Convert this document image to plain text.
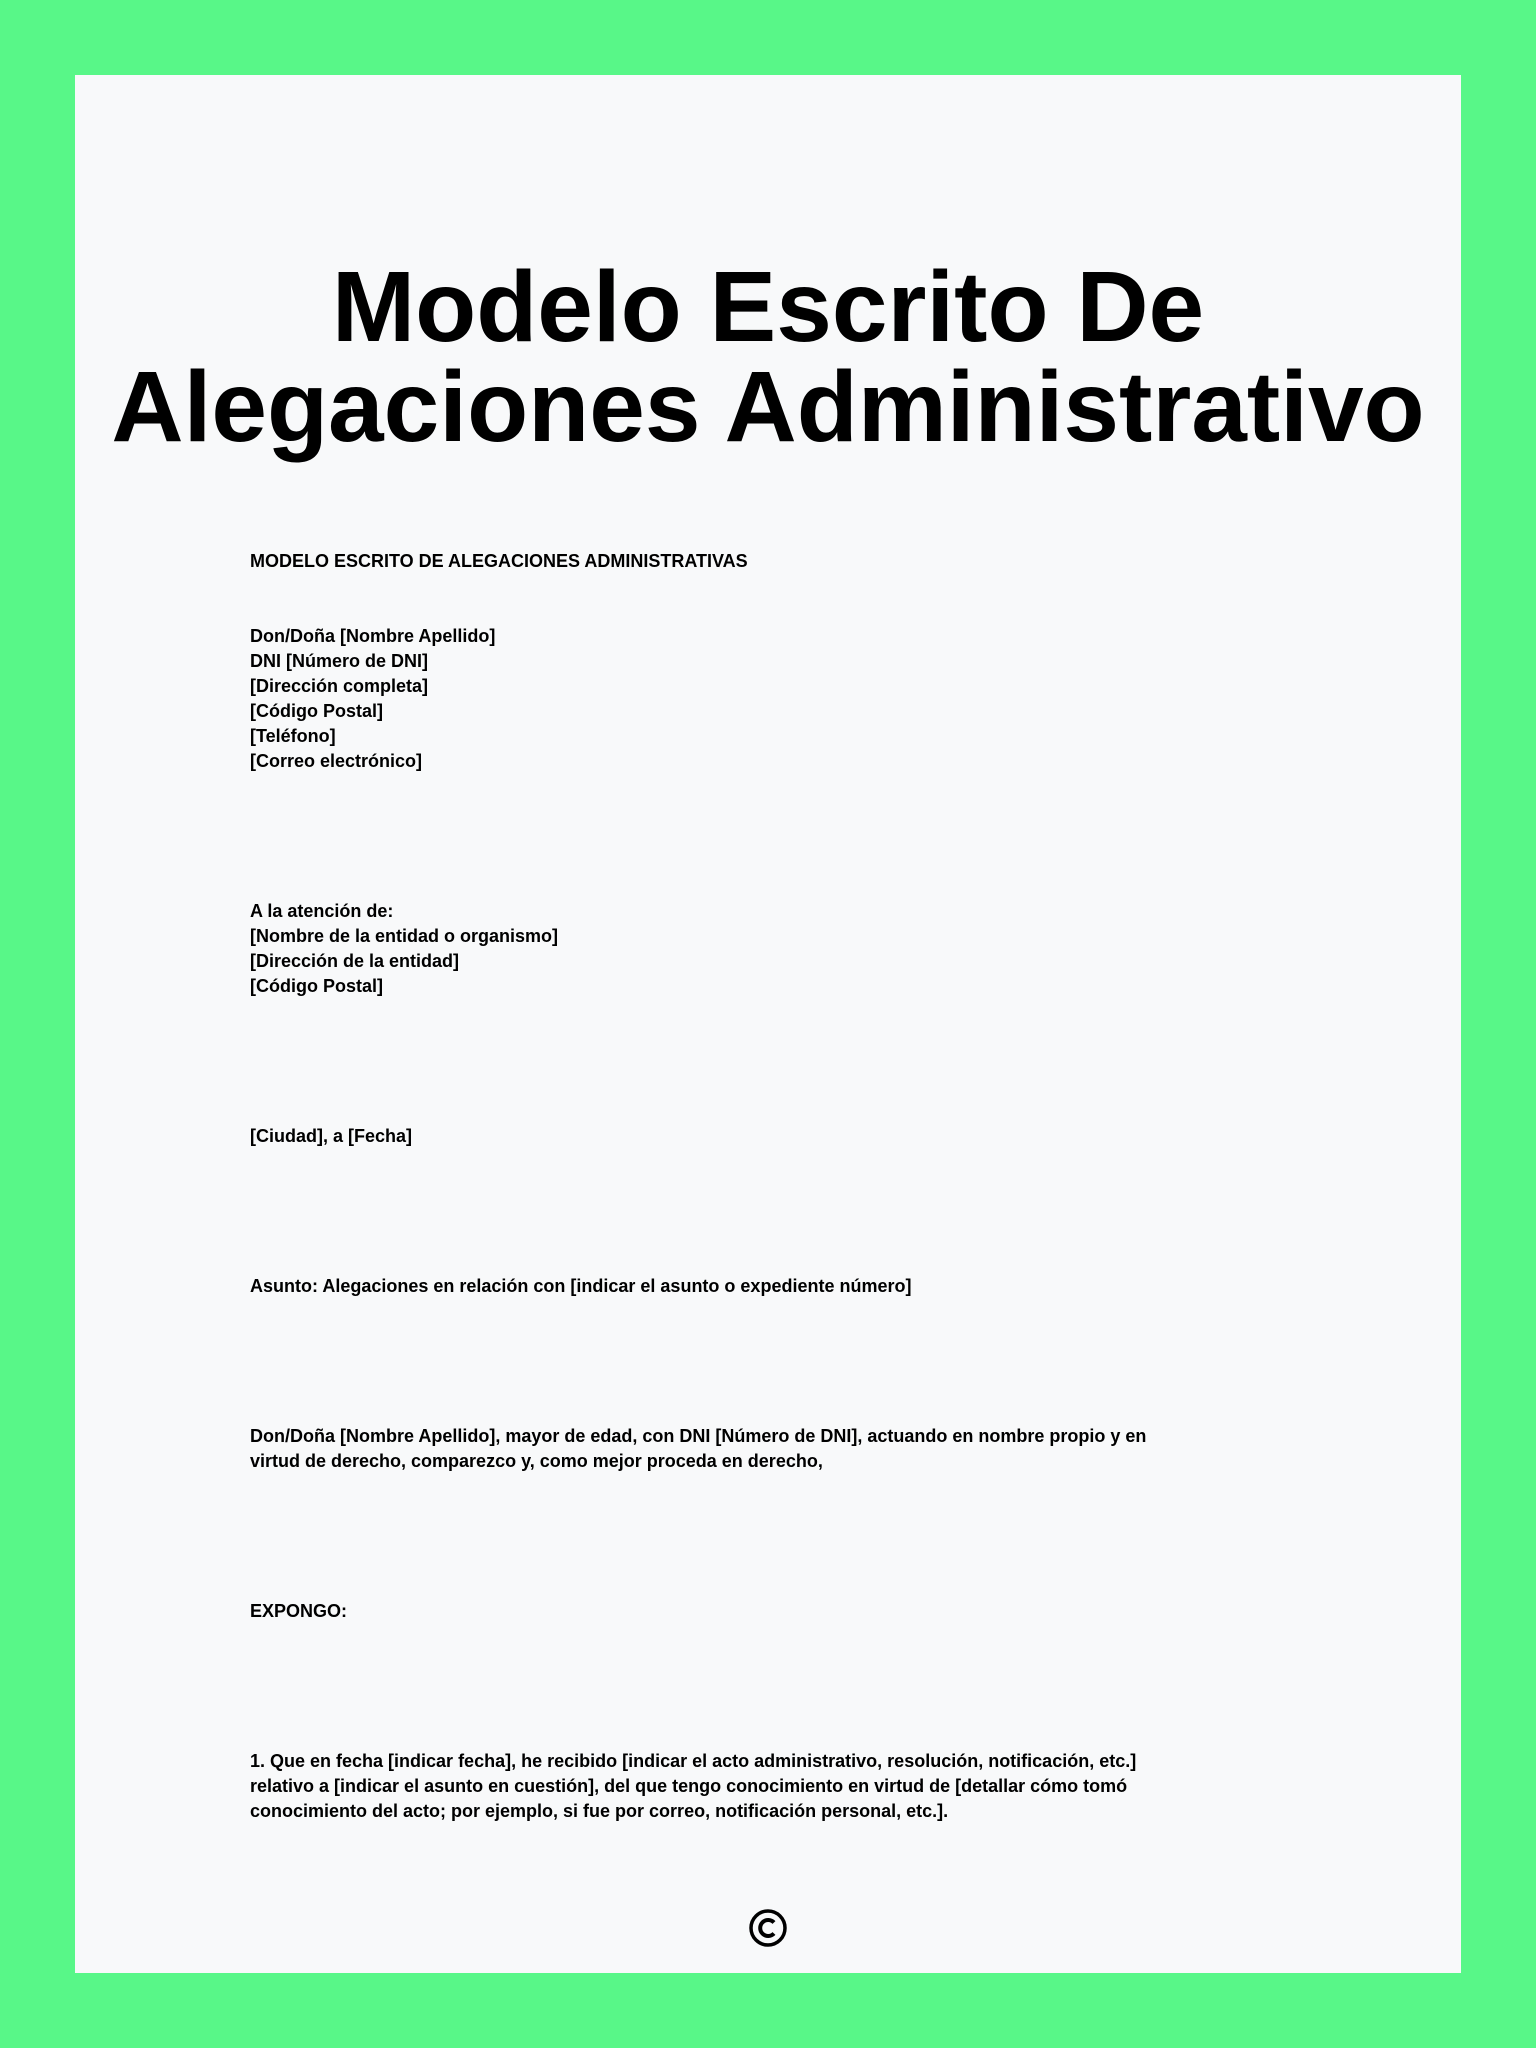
Modelo Escrito De
Alegaciones Administrativo
MODELO ESCRITO DE ALEGACIONES ADMINISTRATIVAS
Don/Doña [Nombre Apellido]
DNI [Número de DNI]
[Dirección completa]
[Código Postal]
[Teléfono]
[Correo electrónico]
A la atención de:
[Nombre de la entidad o organismo]
[Dirección de la entidad]
[Código Postal]
[Ciudad], a [Fecha]
Asunto: Alegaciones en relación con [indicar el asunto o expediente número]
Don/Doña [Nombre Apellido], mayor de edad, con DNI [Número de DNI], actuando en nombre propio y en
virtud de derecho, comparezco y, como mejor proceda en derecho,
EXPONGO:
1. Que en fecha [indicar fecha], he recibido [indicar el acto administrativo, resolución, notificación, etc.]
relativo a [indicar el asunto en cuestión], del que tengo conocimiento en virtud de [detallar cómo tomó
conocimiento del acto; por ejemplo, si fue por correo, notificación personal, etc.].
